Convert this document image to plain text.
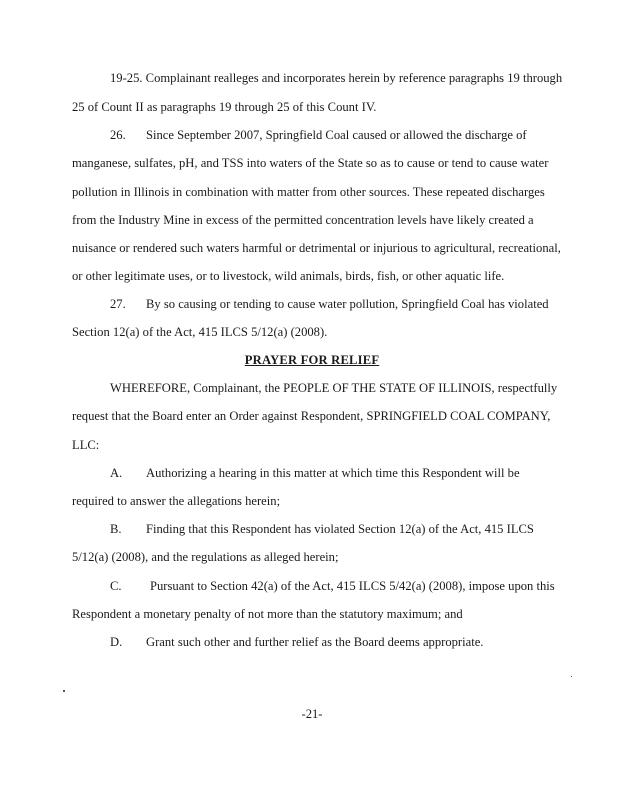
19-25. Complainant realleges and incorporates herein by reference paragraphs 19 through
25 of Count II as paragraphs 19 through 25 of this Count IV.
26. Since September 2007, Springfield Coal caused or allowed the discharge of
manganese, sulfates, pH, and TSS into waters of the State so as to cause or tend to cause water
pollution in Illinois in combination with matter from other sources. These repeated discharges
from the Industry Mine in excess of the permitted concentration levels have likely created a
nuisance or rendered such waters harmful or detrimental or injurious to agricultural, recreational,
or other legitimate uses, or to livestock, wild animals, birds, fish, or other aquatic life.
27. By so causing or tending to cause water pollution, Springfield Coal has violated
Section 12(a) of the Act, 415 ILCS 5/12(a) (2008).
PRAYER FOR RELIEF
WHEREFORE, Complainant, the PEOPLE OF THE STATE OF ILLINOIS, respectfully
request that the Board enter an Order against Respondent, SPRINGFIELD COAL COMPANY,
LLC:
A. Authorizing a hearing in this matter at which time this Respondent will be
required to answer the allegations herein;
B. Finding that this Respondent has violated Section 12(a) of the Act, 415 ILCS
5/12(a) (2008), and the regulations as alleged herein;
C. Pursuant to Section 42(a) of the Act, 415 ILCS 5/42(a) (2008), impose upon this
Respondent a monetary penalty of not more than the statutory maximum; and
D. Grant such other and further relief as the Board deems appropriate.
-21-
